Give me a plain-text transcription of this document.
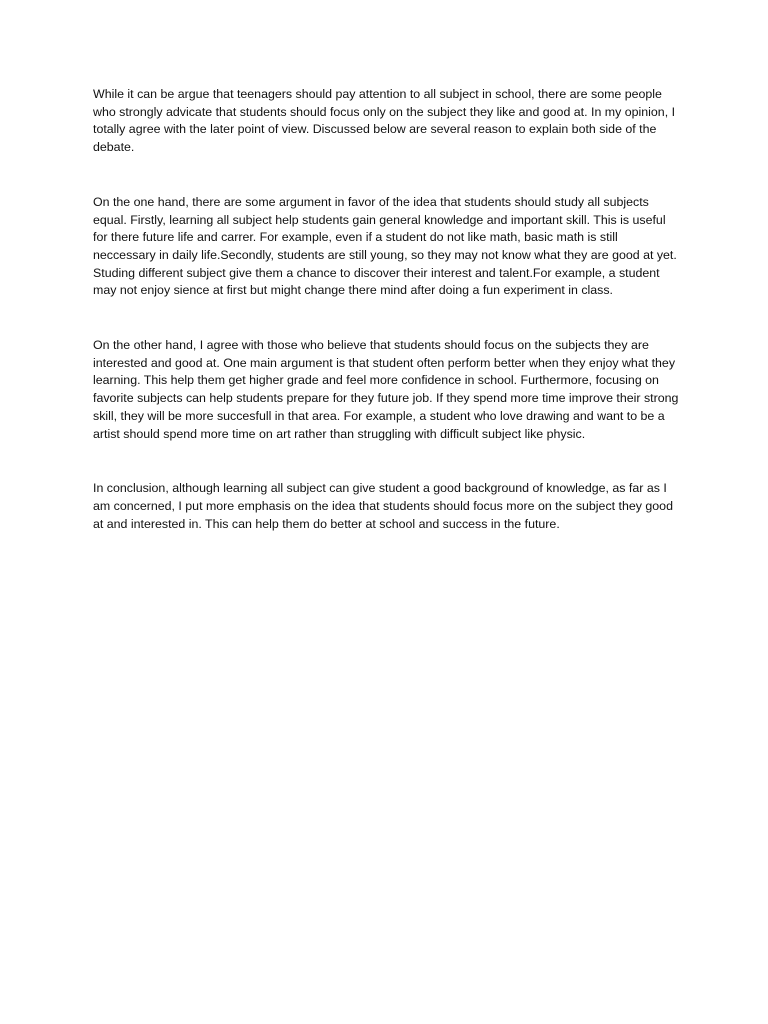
While it can be argue that teenagers should pay attention to all subject in school, there are some people who strongly advicate that students should focus only on the subject they like and good at. In my opinion, I totally agree with the later point of view. Discussed below are several reason to explain both side of the debate.

On the one hand, there are some argument in favor of the idea that students should study all subjects equal. Firstly, learning all subject help students gain general knowledge and important skill. This is useful for there future life and carrer. For example, even if a student do not like math, basic math is still neccessary in daily life.Secondly, students are still young, so they may not know what they are good at yet. Studing different subject give them a chance to discover their interest and talent.For example, a student may not enjoy sience at first but might change there mind after doing a fun experiment in class.

On the other hand, I agree with those who believe that students should focus on the subjects they are interested and good at. One main argument is that student often perform better when they enjoy what they learning. This help them get higher grade and feel more confidence in school. Furthermore, focusing on favorite subjects can help students prepare for they future job. If they spend more time improve their strong skill, they will be more succesfull in that area. For example, a student who love drawing and want to be a artist should spend more time on art rather than struggling with difficult subject like physic.

In conclusion, although learning all subject can give student a good background of knowledge, as far as I am concerned, I put more emphasis on the idea that students should focus more on the subject they good at and interested in. This can help them do better at school and success in the future.
